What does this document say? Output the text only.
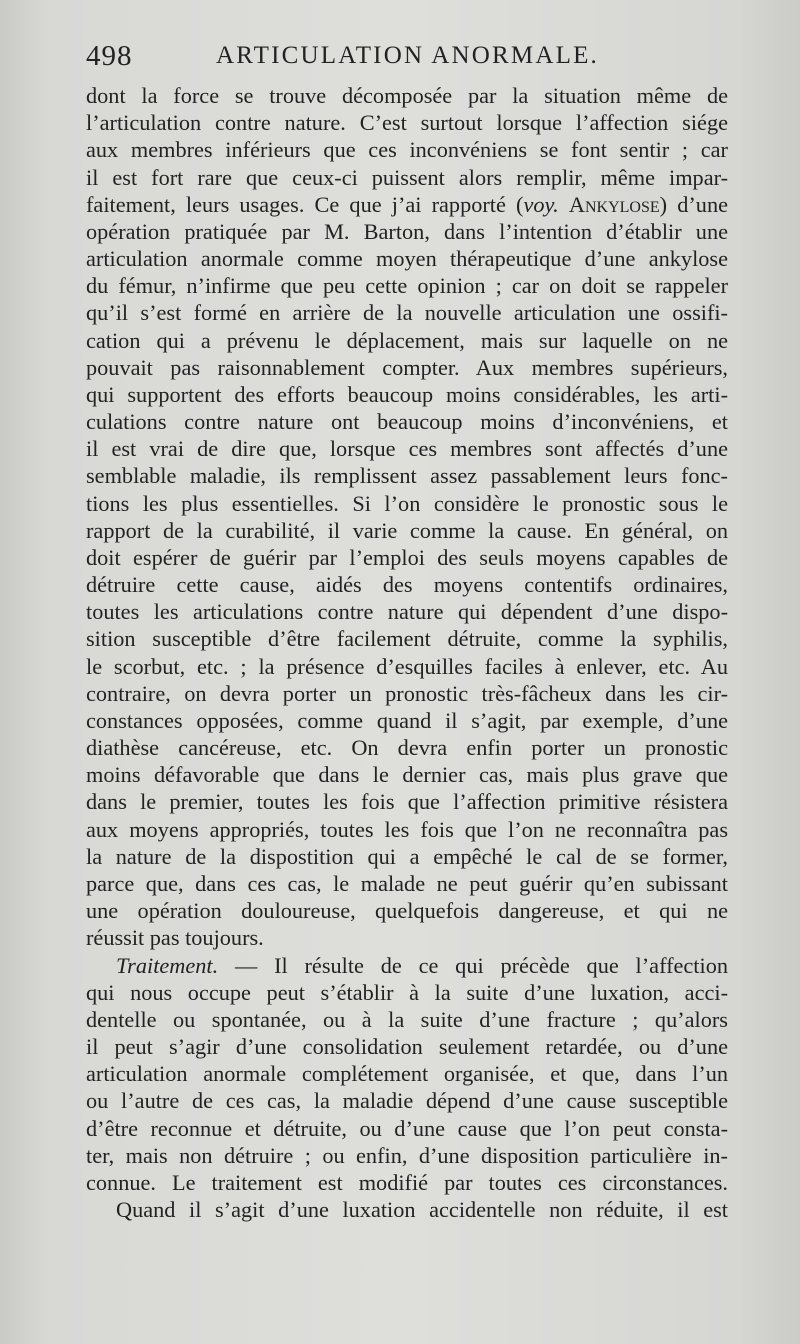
498	ARTICULATION ANORMALE.
dont la force se trouve décomposée par la situation même de
l’articulation contre nature. C’est surtout lorsque l’affection siége
aux membres inférieurs que ces inconvéniens se font sentir ; car
il est fort rare que ceux-ci puissent alors remplir, même impar-
faitement, leurs usages. Ce que j’ai rapporté (voy. Ankylose) d’une
opération pratiquée par M. Barton, dans l’intention d’établir une
articulation anormale comme moyen thérapeutique d’une ankylose
du fémur, n’infirme que peu cette opinion ; car on doit se rappeler
qu’il s’est formé en arrière de la nouvelle articulation une ossifi-
cation qui a prévenu le déplacement, mais sur laquelle on ne
pouvait pas raisonnablement compter. Aux membres supérieurs,
qui supportent des efforts beaucoup moins considérables, les arti-
culations contre nature ont beaucoup moins d’inconvéniens, et
il est vrai de dire que, lorsque ces membres sont affectés d’une
semblable maladie, ils remplissent assez passablement leurs fonc-
tions les plus essentielles. Si l’on considère le pronostic sous le
rapport de la curabilité, il varie comme la cause. En général, on
doit espérer de guérir par l’emploi des seuls moyens capables de
détruire cette cause, aidés des moyens contentifs ordinaires,
toutes les articulations contre nature qui dépendent d’une dispo-
sition susceptible d’être facilement détruite, comme la syphilis,
le scorbut, etc. ; la présence d’esquilles faciles à enlever, etc. Au
contraire, on devra porter un pronostic très-fâcheux dans les cir-
constances opposées, comme quand il s’agit, par exemple, d’une
diathèse cancéreuse, etc. On devra enfin porter un pronostic
moins défavorable que dans le dernier cas, mais plus grave que
dans le premier, toutes les fois que l’affection primitive résistera
aux moyens appropriés, toutes les fois que l’on ne reconnaîtra pas
la nature de la dispostition qui a empêché le cal de se former,
parce que, dans ces cas, le malade ne peut guérir qu’en subissant
une opération douloureuse, quelquefois dangereuse, et qui ne
réussit pas toujours.
Traitement. — Il résulte de ce qui précède que l’affection
qui nous occupe peut s’établir à la suite d’une luxation, acci-
dentelle ou spontanée, ou à la suite d’une fracture ; qu’alors
il peut s’agir d’une consolidation seulement retardée, ou d’une
articulation anormale complétement organisée, et que, dans l’un
ou l’autre de ces cas, la maladie dépend d’une cause susceptible
d’être reconnue et détruite, ou d’une cause que l’on peut consta-
ter, mais non détruire ; ou enfin, d’une disposition particulière in-
connue. Le traitement est modifié par toutes ces circonstances.
Quand il s’agit d’une luxation accidentelle non réduite, il est
